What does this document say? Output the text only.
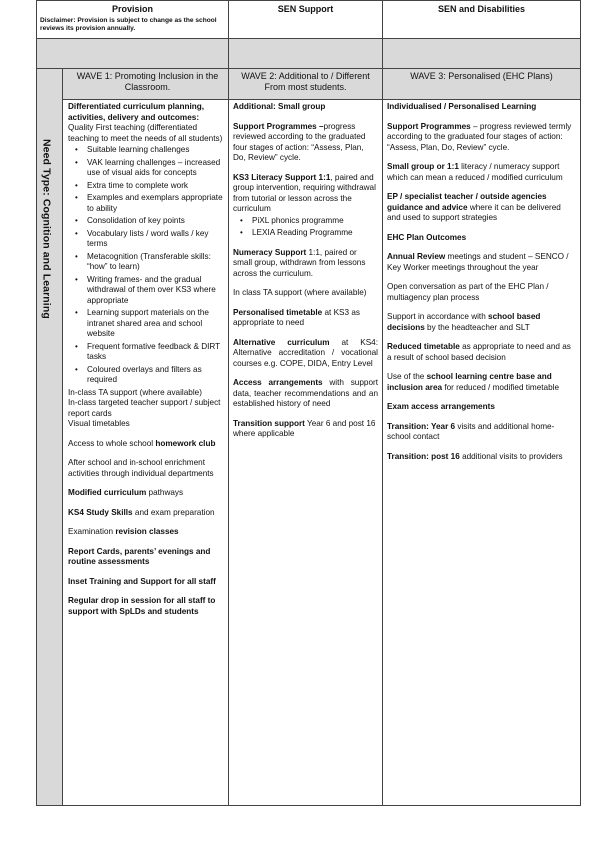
Provision
Disclaimer: Provision is subject to change as the school reviews its provision annually.
SEN Support	SEN and Disabilities
Need Type: Cognition and Learning
WAVE 1: Promoting Inclusion in the Classroom.
WAVE 2: Additional to / Different From most students.
WAVE 3: Personalised (EHC Plans)

Differentiated curriculum planning, activities, delivery and outcomes:

Quality First teaching (differentiated teaching to meet the needs of all students)

• Suitable learning challenges
• VAK learning challenges – increased use of visual aids for concepts
• Extra time to complete work
• Examples and exemplars appropriate to ability
• Consolidation of key points
• Vocabulary lists / word walls / key terms
• Metacognition (Transferable skills: “how” to learn)
• Writing frames- and the gradual withdrawal of them over KS3 where appropriate
• Learning support materials on the intranet shared area and school website
• Frequent formative feedback & DIRT tasks
• Coloured overlays and filters as required

In-class TA support (where available)

In-class targeted teacher support / subject report cards

Visual timetables

Access to whole school homework club

After school and in-school enrichment activities through individual departments

Modified curriculum pathways

KS4 Study Skills and exam preparation

Examination revision classes

Report Cards, parents’ evenings and routine assessments

Inset Training and Support for all staff

Regular drop in session for all staff to support with SpLDs and students

Additional: Small group

Support Programmes –progress reviewed according to the graduated four stages of action: “Assess, Plan, Do, Review” cycle.

KS3 Literacy Support 1:1, paired and group intervention, requiring withdrawal from tutorial or lesson across the curriculum

• PiXL phonics programme
• LEXIA Reading Programme

Numeracy Support 1:1, paired or small group, withdrawn from lessons across the curriculum.

In class TA support (where available)

Personalised timetable at KS3 as appropriate to need

Alternative curriculum at KS4: Alternative accreditation / vocational courses e.g. COPE, DIDA, Entry Level

Access arrangements with support data, teacher recommendations and an established history of need

Transition support Year 6 and post 16 where applicable

Individualised / Personalised Learning

Support Programmes – progress reviewed termly according to the graduated four stages of action: “Assess, Plan, Do, Review” cycle.

Small group or 1:1 literacy / numeracy support which can mean a reduced / modified curriculum

EP / specialist teacher / outside agencies guidance and advice where it can be delivered and used to support strategies

EHC Plan Outcomes

Annual Review meetings and student – SENCO / Key Worker meetings throughout the year

Open conversation as part of the EHC Plan / multiagency plan process

Support in accordance with school based decisions by the headteacher and SLT

Reduced timetable as appropriate to need and as a result of school based decision

Use of the school learning centre base and inclusion area for reduced / modified timetable

Exam access arrangements

Transition: Year 6 visits and additional home-school contact

Transition: post 16 additional visits to providers
